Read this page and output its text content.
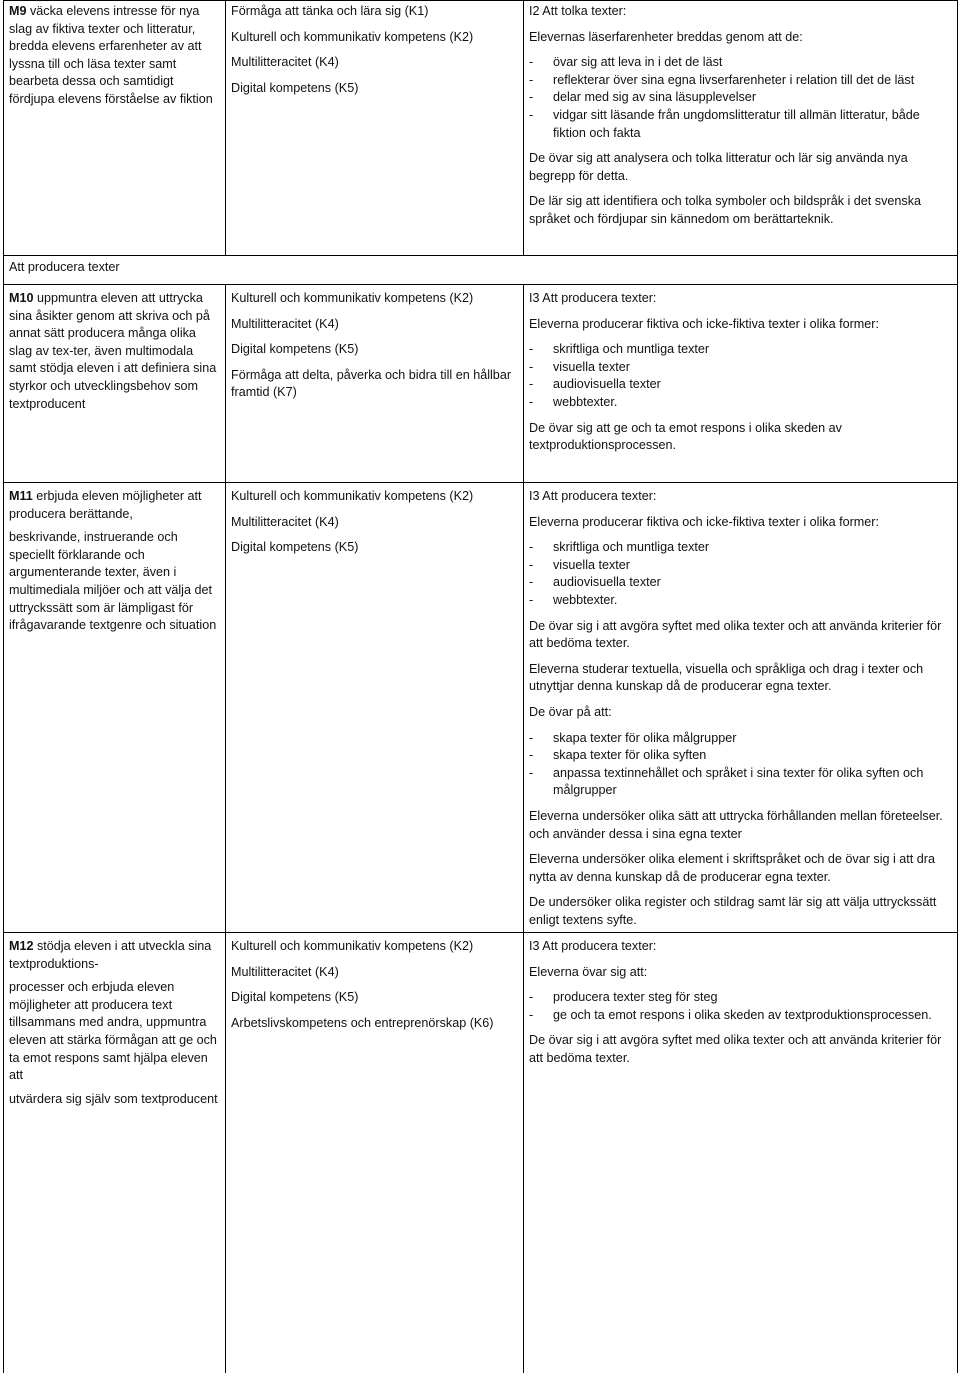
M9 väcka elevens intresse för nya slag av fiktiva texter och litteratur, bredda elevens erfarenheter av att lyssna till och läsa texter samt bearbeta dessa och samtidigt fördjupa elevens förståelse av fiktion

Förmåga att tänka och lära sig (K1)

Kulturell och kommunikativ kompetens (K2)

Multilitteracitet (K4)

Digital kompetens (K5)

I2 Att tolka texter:

Elevernas läserfarenheter breddas genom att de:

- övar sig att leva in i det de läst
- reflekterar över sina egna livserfarenheter i relation till det de läst
- delar med sig av sina läsupplevelser
- vidgar sitt läsande från ungdomslitteratur till allmän litteratur, både fiktion och fakta

De övar sig att analysera och tolka litteratur och lär sig använda nya begrepp för detta.

De lär sig att identifiera och tolka symboler och bildspråk i det svenska språket och fördjupar sin kännedom om berättarteknik.

Att producera texter

M10 uppmuntra eleven att uttrycka sina åsikter genom att skriva och på annat sätt producera många olika slag av tex-ter, även multimodala samt stödja eleven i att definiera sina styrkor och utvecklingsbehov som textproducent

Kulturell och kommunikativ kompetens (K2)

Multilitteracitet (K4)

Digital kompetens (K5)

Förmåga att delta, påverka och bidra till en hållbar framtid (K7)

I3 Att producera texter:

Eleverna producerar fiktiva och icke-fiktiva texter i olika former:

- skriftliga och muntliga texter
- visuella texter
- audiovisuella texter
- webbtexter.

De övar sig att ge och ta emot respons i olika skeden av textproduktionsprocessen.

M11 erbjuda eleven möjligheter att producera berättande,

beskrivande, instruerande och speciellt förklarande och argumenterande texter, även i multimediala miljöer och att välja det uttryckssätt som är lämpligast för ifrågavarande textgenre och situation

Kulturell och kommunikativ kompetens (K2)

Multilitteracitet (K4)

Digital kompetens (K5)

I3 Att producera texter:

Eleverna producerar fiktiva och icke-fiktiva texter i olika former:

- skriftliga och muntliga texter
- visuella texter
- audiovisuella texter
- webbtexter.

De övar sig i att avgöra syftet med olika texter och att använda kriterier för att bedöma texter.

Eleverna studerar textuella, visuella och språkliga och drag i texter och utnyttjar denna kunskap då de producerar egna texter.

De övar på att:

- skapa texter för olika målgrupper
- skapa texter för olika syften
- anpassa textinnehållet och språket i sina texter för olika syften och målgrupper

Eleverna undersöker olika sätt att uttrycka förhållanden mellan företeelser. och använder dessa i sina egna texter

Eleverna undersöker olika element i skriftspråket och de övar sig i att dra nytta av denna kunskap då de producerar egna texter.

De undersöker olika register och stildrag samt lär sig att välja uttryckssätt enligt textens syfte.

M12 stödja eleven i att utveckla sina textproduktions-

processer och erbjuda eleven möjligheter att producera text tillsammans med andra, uppmuntra eleven att stärka förmågan att ge och ta emot respons samt hjälpa eleven att

utvärdera sig själv som textproducent

Kulturell och kommunikativ kompetens (K2)

Multilitteracitet (K4)

Digital kompetens (K5)

Arbetslivskompetens och entreprenörskap (K6)

I3 Att producera texter:

Eleverna övar sig att:

- producera texter steg för steg
- ge och ta emot respons i olika skeden av textproduktionsprocessen.

De övar sig i att avgöra syftet med olika texter och att använda kriterier för att bedöma texter.
